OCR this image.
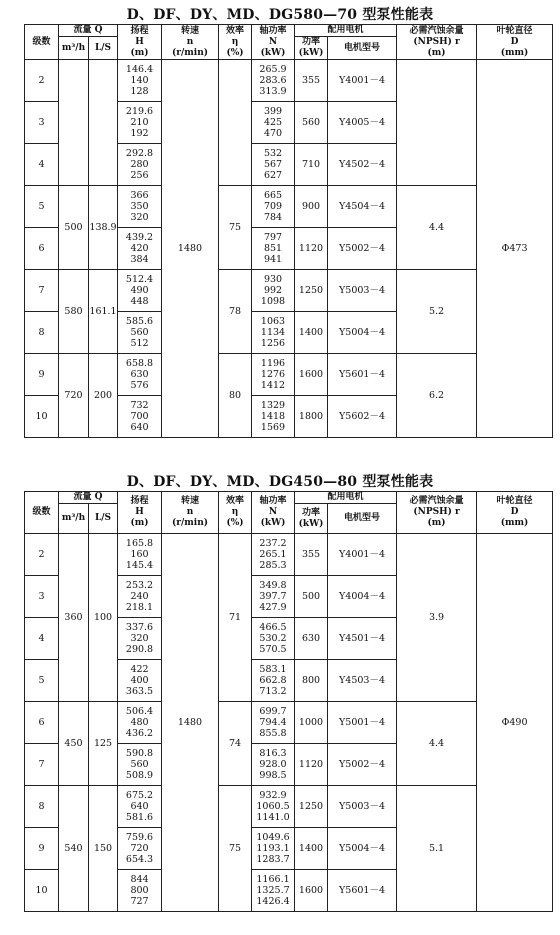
D、DF、DY、MD、DG580—70 型泵性能表
级数	流量 Q		扬程
H
(m)	转速
n
(r/min)	效率
η
(%)	轴功率
N
(kW)	配用电机		必需汽蚀余量
(NPSH) r
(m)	叶轮直径
D
(mm)

	m³/h	L/S					功率
(kW)	电机型号		

2			146.4
140
128	1480		265.9
283.6
313.9	355	Y4001－4		Φ473
3			219.6
210
192			399
425
470	560	Y4005－4		
4			292.8
280
256			532
567
627	710	Y4502－4		
5	500	138.9	366
350
320		75	665
709
784	900	Y4504－4	4.4	
6			439.2
420
384			797
851
941	1120	Y5002－4		
7	580	161.1	512.4
490
448		78	930
992
1098	1250	Y5003－4	5.2	
8			585.6
560
512			1063
1134
1256	1400	Y5004－4		
9	720	200	658.8
630
576		80	1196
1276
1412	1600	Y5601－4	6.2	
10			732
700
640			1329
1418
1569	1800	Y5602－4		
D、DF、DY、MD、DG450—80 型泵性能表
级数	流量 Q		扬程
H
(m)	转速
n
(r/min)	效率
η
(%)	轴功率
N
(kW)	配用电机		必需汽蚀余量
(NPSH) r
(m)	叶轮直径
D
(mm)

	m³/h	L/S					功率
(kW)	电机型号		

2	360	100	165.8
160
145.4	1480	71	237.2
265.1
285.3	355	Y4001－4	3.9	Φ490
3			253.2
240
218.1			349.8
397.7
427.9	500	Y4004－4		
4			337.6
320
290.8			466.5
530.2
570.5	630	Y4501－4		
5			422
400
363.5			583.1
662.8
713.2	800	Y4503－4		
6	450	125	506.4
480
436.2		74	699.7
794.4
855.8	1000	Y5001－4	4.4	
7			590.8
560
508.9			816.3
928.0
998.5	1120	Y5002－4		
8	540	150	675.2
640
581.6		75	932.9
1060.5
1141.0	1250	Y5003－4	5.1	
9			759.6
720
654.3			1049.6
1193.1
1283.7	1400	Y5004－4		
10			844
800
727			1166.1
1325.7
1426.4	1600	Y5601－4		
